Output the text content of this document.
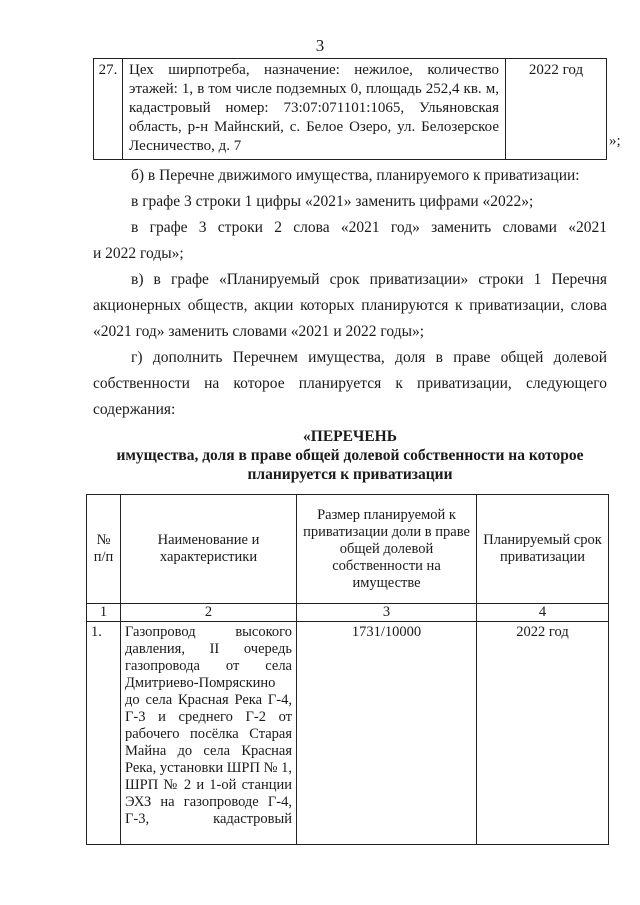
3
27.	Цех ширпотреба, назначение: нежилое, количество этажей: 1, в том числе подземных 0, площадь 252,4 кв. м, кадастровый номер: 73:07:071101:1065, Ульяновская область, р-н Майнский, с. Белое Озеро, ул. Белозерское Лесничество, д. 7	2022 год
»;

б) в Перечне движимого имущества, планируемого к приватизации:

в графе 3 строки 1 цифры «2021» заменить цифрами «2022»;

в графе 3 строки 2 слова «2021 год» заменить словами «2021

и 2022 годы»;

в) в графе «Планируемый срок приватизации» строки 1 Перечня

акционерных обществ, акции которых планируются к приватизации, слова

«2021 год» заменить словами «2021 и 2022 годы»;

г) дополнить Перечнем имущества, доля в праве общей долевой

собственности на которое планируется к приватизации, следующего

содержания:

«ПЕРЕЧЕНЬ
имущества, доля в праве общей долевой собственности на которое
планируется к приватизации
№ п/п	Наименование и характеристики	Размер планируемой к приватизации доли в праве общей долевой собственности на имуществе	Планируемый срок приватизации
1	2	3	4
1.	Газопровод высокого давления, II очередь газопровода от села Дмитриево-Помряскино до села Красная Река Г-4, Г-3 и среднего Г-2 от рабочего посёлка Старая Майна до села Красная Река, установки ШРП № 1, ШРП № 2 и 1-ой станции ЭХЗ на газопроводе Г-4, Г-3, кадастровый	1731/10000	2022 год
